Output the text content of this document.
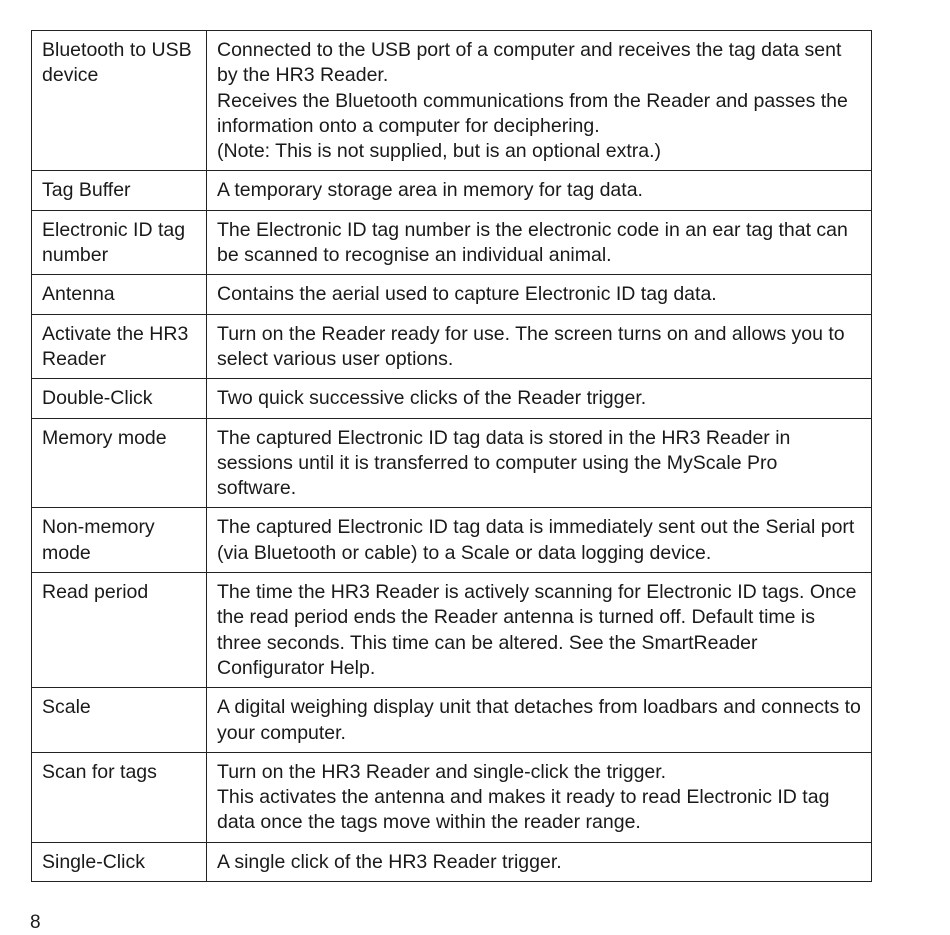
Bluetooth to USB device	Connected to the USB port of a computer and receives the tag data sent by the HR3 Reader.
Receives the Bluetooth communications from the Reader and passes the information onto a computer for deciphering.
(Note: This is not supplied, but is an optional extra.)
Tag Buffer	A temporary storage area in memory for tag data.
Electronic ID tag number	The Electronic ID tag number is the electronic code in an ear tag that can be scanned to recognise an individual animal.
Antenna	Contains the aerial used to capture Electronic ID tag data.
Activate the HR3 Reader	Turn on the Reader ready for use. The screen turns on and allows you to select various user options.
Double-Click	Two quick successive clicks of the Reader trigger.
Memory mode	The captured Electronic ID tag data is stored in the HR3 Reader in sessions until it is transferred to computer using the MyScale Pro software.
Non-memory mode	The captured Electronic ID tag data is immediately sent out the Serial port (via Bluetooth or cable) to a Scale or data logging device.
Read period	The time the HR3 Reader is actively scanning for Electronic ID tags. Once the read period ends the Reader antenna is turned off. Default time is three seconds. This time can be altered. See the SmartReader Configurator Help.
Scale	A digital weighing display unit that detaches from loadbars and connects to your computer.
Scan for tags	Turn on the HR3 Reader and single-click the trigger.
This activates the antenna and makes it ready to read Electronic ID tag data once the tags move within the reader range.
Single-Click	A single click of the HR3 Reader trigger.
8
